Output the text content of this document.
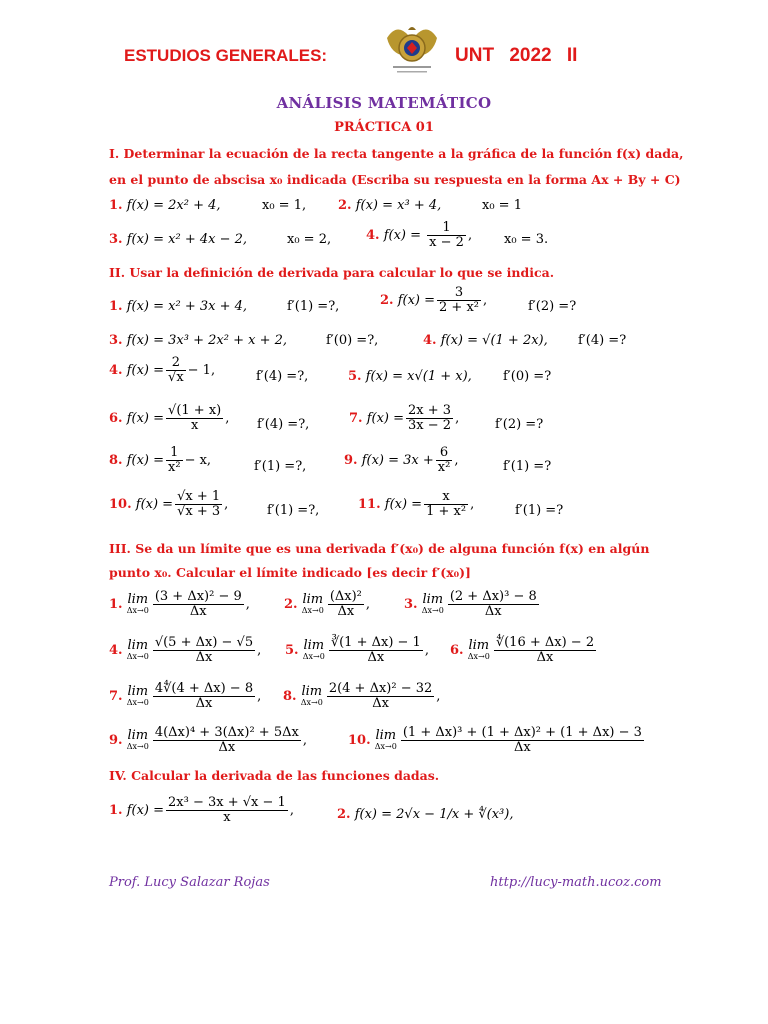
ESTUDIOS GENERALES:	UNT 2022 II
ANÁLISIS MATEMÁTICO
PRÁCTICA 01
I. Determinar la ecuación de la recta tangente a la gráfica de la función f(x) dada,
en el punto de abscisa x₀ indicada (Escriba su respuesta en la forma Ax + By + C)
1. f(x) = 2x² + 4,	x₀ = 1, 2. f(x) = x³ + 4,	x₀ = 1
3. f(x) = x² + 4x − 2,	x₀ = 2,	4. $f(x) = \frac{1}{x - 2}$ , x₀ = 3.
II. Usar la definición de derivada para calcular lo que se indica.
1. f(x) = x² + 3x + 4,	f′(1) =?,	2. $f(x) = \frac{3}{\text{2 + x²}}$ ,	f′(2) =?
3. f(x) = 3x³ + 2x² + x + 2,	f′(0) =?,	4. f(x) = √(1 + 2x), f′(4) =?
4. $f(x) = \frac{2}{√x} - 1$,	f′(4) =?,	5. f(x) = x√(1 + x), f′(0) =?
6. $f(x) = \frac{√(1 + x)}{x}$ , f′(4) =?,	7. $f(x) = \frac{2x + 3}{3x - 2}$ ,	f′(2) =?
8. $f(x) = \frac{1}{\text{x²}} - x$,	f′(1) =?,	9. $f(x) = 3x + \frac{6}{\text{x²}}$ ,	f′(1) =?
10. $f(x) = \frac{√x + 1}{√x + 3}$ ,	f′(1) =?,	11. $f(x) = \frac{x}{\text{1 + x²}}$ ,	f′(1) =?
III. Se da un límite que es una derivada f′(x₀) de alguna función f(x) en algún
punto x₀. Calcular el límite indicado [es decir f′(x₀)]
1. lim
$\Delta x\to 0 \frac{\text{(3 + Δx)² − 9}}{\Delta x}$ ,	2. lim
$\Delta x\to 0 \frac{\text{(Δx)²}}{\Delta x}$ ,	3. lim
$\Delta x\to 0 \frac{\text{(2 + Δx)³ − 8}}{\Delta x}$
4. lim
$\Delta x\to 0 \frac{√(5 + \Delta x) - √5}{\Delta x}$ , 5. lim
$\Delta x\to 0 \frac{∛(1 + \Delta x) - 1}{\Delta x}$ , 6. lim
$\Delta x\to 0 \frac{∜(16 + \Delta x) - 2}{\Delta x}$
7. lim
$\Delta x\to 0 \frac{4∜(4 + \Delta x) - 8}{\Delta x}$ , 8. lim
$\Delta x\to 0 \frac{\text{2(4 + Δx)² − 32}}{\Delta x}$ ,
9. lim
$\Delta x\to 0 \frac{\text{4(Δx)⁴ + 3(Δx)² + 5Δx}}{\Delta x}$ ,	10. lim
$\Delta x\to 0 \frac{\text{(1 + Δx)³ + (1 + Δx)² + (1 + Δx) − 3}}{\Delta x}$
IV. Calcular la derivada de las funciones dadas.
1. $f(x) = \frac{\text{2x³ − 3x + √x − 1}}{x}$ ,	2. f(x) = 2√x − 1/x + ∜(x³),
Prof. Lucy Salazar Rojas	http://lucy-math.ucoz.com
